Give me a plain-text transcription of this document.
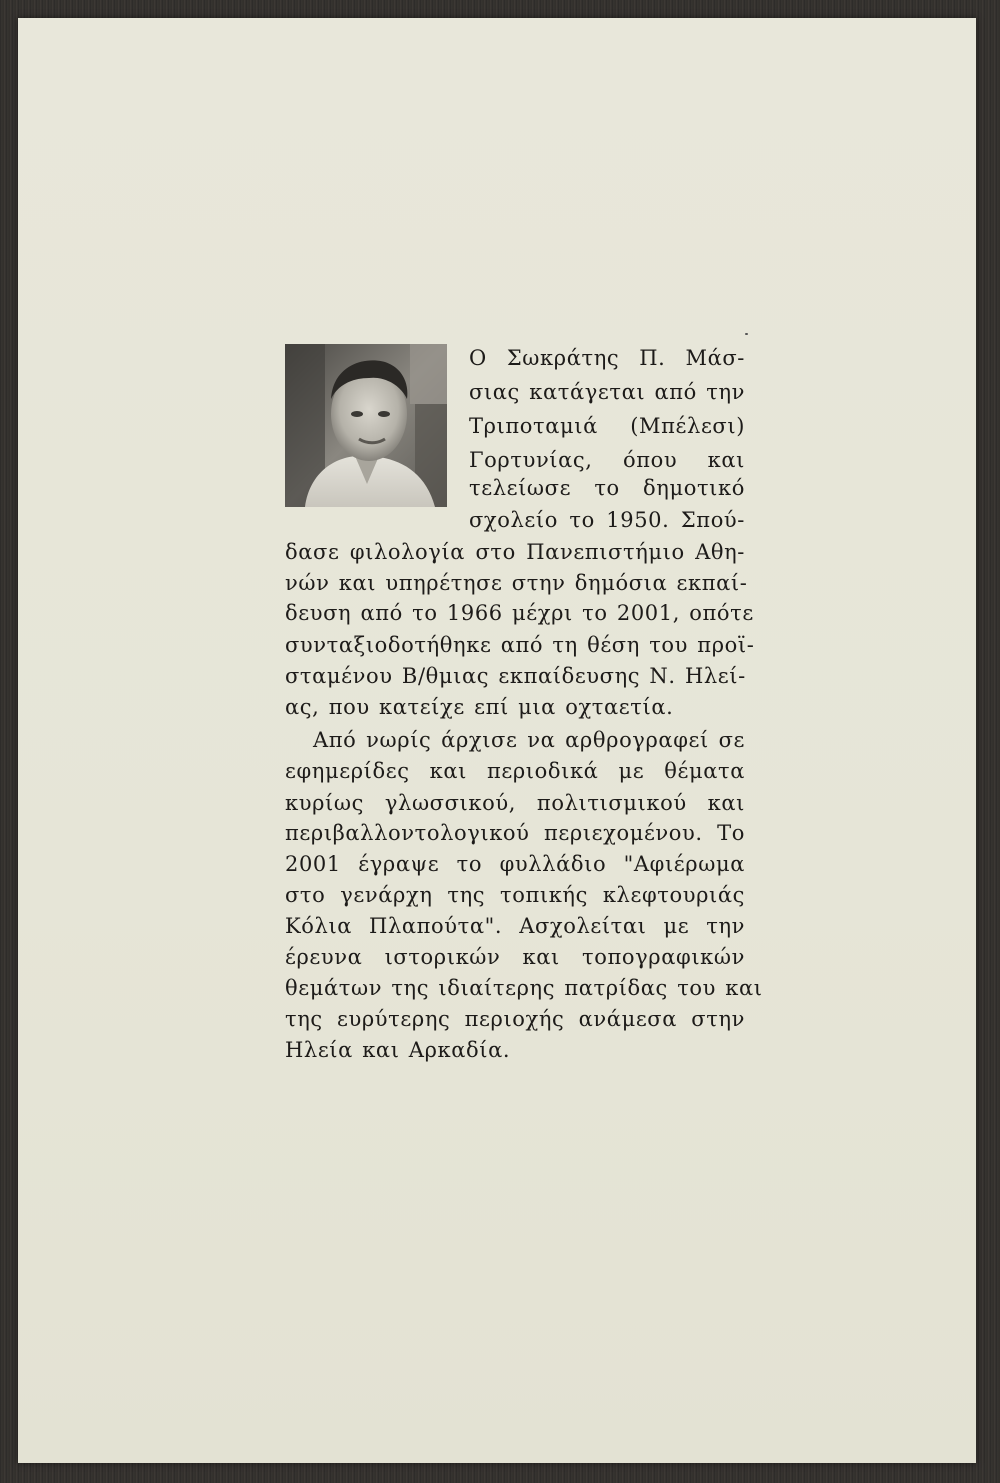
Ο Σωκράτης Π. Μάσ-
σιας κατάγεται από την
Τριποταμιά (Μπέλεσι)
Γορτυνίας, όπου και
τελείωσε το δημοτικό
σχολείο το 1950. Σπού-
δασε φιλολογία στο Πανεπιστήμιο Αθη-
νών και υπηρέτησε στην δημόσια εκπαί-
δευση από το 1966 μέχρι το 2001, οπότε
συνταξιοδοτήθηκε από τη θέση του προϊ-
σταμένου Β/θμιας εκπαίδευσης Ν. Ηλεί-
ας, που κατείχε επί μια οχταετία.
Από νωρίς άρχισε να αρθρογραφεί σε
εφημερίδες και περιοδικά με θέματα
κυρίως γλωσσικού, πολιτισμικού και
περιβαλλοντολογικού περιεχομένου. Το
2001 έγραψε το φυλλάδιο "Αφιέρωμα
στο γενάρχη της τοπικής κλεφτουριάς
Κόλια Πλαπούτα". Ασχολείται με την
έρευνα ιστορικών και τοπογραφικών
θεμάτων της ιδιαίτερης πατρίδας του και
της ευρύτερης περιοχής ανάμεσα στην
Ηλεία και Αρκαδία.
